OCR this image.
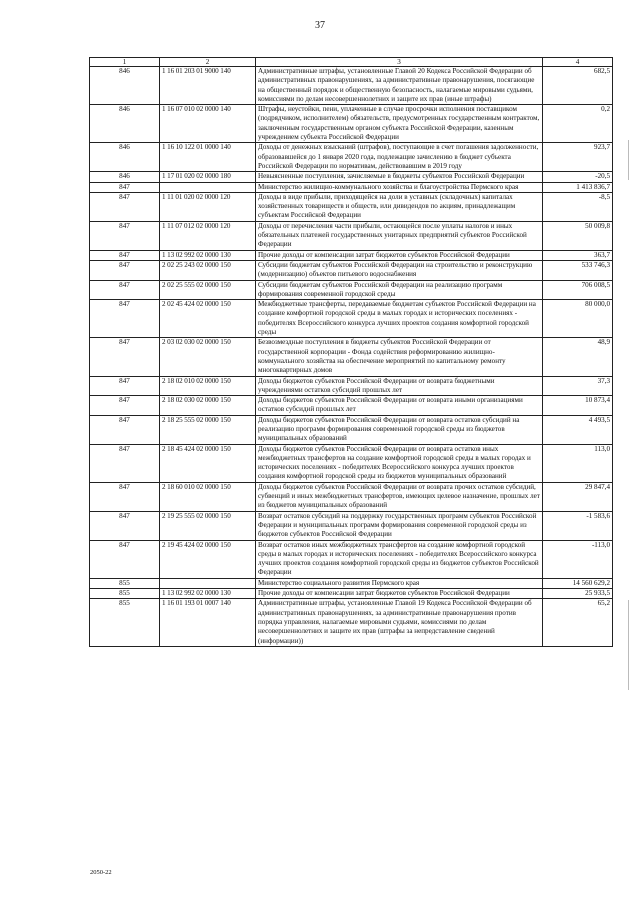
37
1	2	3	4
846	1 16 01 203 01 9000 140	Административные штрафы, установленные Главой 20 Кодекса Российской Федерации об административных правонарушениях, за административные правонарушения, посягающие на общественный порядок и общественную безопасность, налагаемые мировыми судьями, комиссиями по делам несовершеннолетних и защите их прав (иные штрафы)	682,5
846	1 16 07 010 02 0000 140	Штрафы, неустойки, пени, уплаченные в случае просрочки исполнения поставщиком (подрядчиком, исполнителем) обязательств, предусмотренных государственным контрактом, заключенным государственным органом субъекта Российской Федерации, казенным учреждением субъекта Российской Федерации	0,2
846	1 16 10 122 01 0000 140	Доходы от денежных взысканий (штрафов), поступающие в счет погашения задолженности, образовавшейся до 1 января 2020 года, подлежащие зачислению в бюджет субъекта Российской Федерации по нормативам, действовавшим в 2019 году	923,7
846	1 17 01 020 02 0000 180	Невыясненные поступления, зачисляемые в бюджеты субъектов Российской Федерации	-20,5
847		Министерство жилищно-коммунального хозяйства и благоустройства Пермского края	1 413 836,7
847	1 11 01 020 02 0000 120	Доходы в виде прибыли, приходящейся на доли в уставных (складочных) капиталах хозяйственных товариществ и обществ, или дивидендов по акциям, принадлежащим субъектам Российской Федерации	-8,5
847	1 11 07 012 02 0000 120	Доходы от перечисления части прибыли, остающейся после уплаты налогов и иных обязательных платежей государственных унитарных предприятий субъектов Российской Федерации	50 009,8
847	1 13 02 992 02 0000 130	Прочие доходы от компенсации затрат бюджетов субъектов Российской Федерации	363,7
847	2 02 25 243 02 0000 150	Субсидии бюджетам субъектов Российской Федерации на строительство и реконструкцию (модернизацию) объектов питьевого водоснабжения	533 746,3
847	2 02 25 555 02 0000 150	Субсидии бюджетам субъектов Российской Федерации на реализацию программ формирования современной городской среды	706 008,5
847	2 02 45 424 02 0000 150	Межбюджетные трансферты, передаваемые бюджетам субъектов Российской Федерации на создание комфортной городской среды в малых городах и исторических поселениях - победителях Всероссийского конкурса лучших проектов создания комфортной городской среды	80 000,0
847	2 03 02 030 02 0000 150	Безвозмездные поступления в бюджеты субъектов Российской Федерации от государственной корпорации - Фонда содействия реформированию жилищно-коммунального хозяйства на обеспечение мероприятий по капитальному ремонту многоквартирных домов	48,9
847	2 18 02 010 02 0000 150	Доходы бюджетов субъектов Российской Федерации от возврата бюджетными учреждениями остатков субсидий прошлых лет	37,3
847	2 18 02 030 02 0000 150	Доходы бюджетов субъектов Российской Федерации от возврата иными организациями остатков субсидий прошлых лет	10 873,4
847	2 18 25 555 02 0000 150	Доходы бюджетов субъектов Российской Федерации от возврата остатков субсидий на реализацию программ формирования современной городской среды из бюджетов муниципальных образований	4 493,5
847	2 18 45 424 02 0000 150	Доходы бюджетов субъектов Российской Федерации от возврата остатков иных межбюджетных трансфертов на создание комфортной городской среды в малых городах и исторических поселениях - победителях Всероссийского конкурса лучших проектов создания комфортной городской среды из бюджетов муниципальных образований	113,0
847	2 18 60 010 02 0000 150	Доходы бюджетов субъектов Российской Федерации от возврата прочих остатков субсидий, субвенций и иных межбюджетных трансфертов, имеющих целевое назначение, прошлых лет из бюджетов муниципальных образований	29 847,4
847	2 19 25 555 02 0000 150	Возврат остатков субсидий на поддержку государственных программ субъектов Российской Федерации и муниципальных программ формирования современной городской среды из бюджетов субъектов Российской Федерации	-1 583,6
847	2 19 45 424 02 0000 150	Возврат остатков иных межбюджетных трансфертов на создание комфортной городской среды в малых городах и исторических поселениях - победителях Всероссийского конкурса лучших проектов создания комфортной городской среды из бюджетов субъектов Российской Федерации	-113,0
855		Министерство социального развития Пермского края	14 560 629,2
855	1 13 02 992 02 0000 130	Прочие доходы от компенсации затрат бюджетов субъектов Российской Федерации	25 933,5
855	1 16 01 193 01 0007 140	Административные штрафы, установленные Главой 19 Кодекса Российской Федерации об административных правонарушениях, за административные правонарушения против порядка управления, налагаемые мировыми судьями, комиссиями по делам несовершеннолетних и защите их прав (штрафы за непредставление сведений (информации))	65,2
2050-22
